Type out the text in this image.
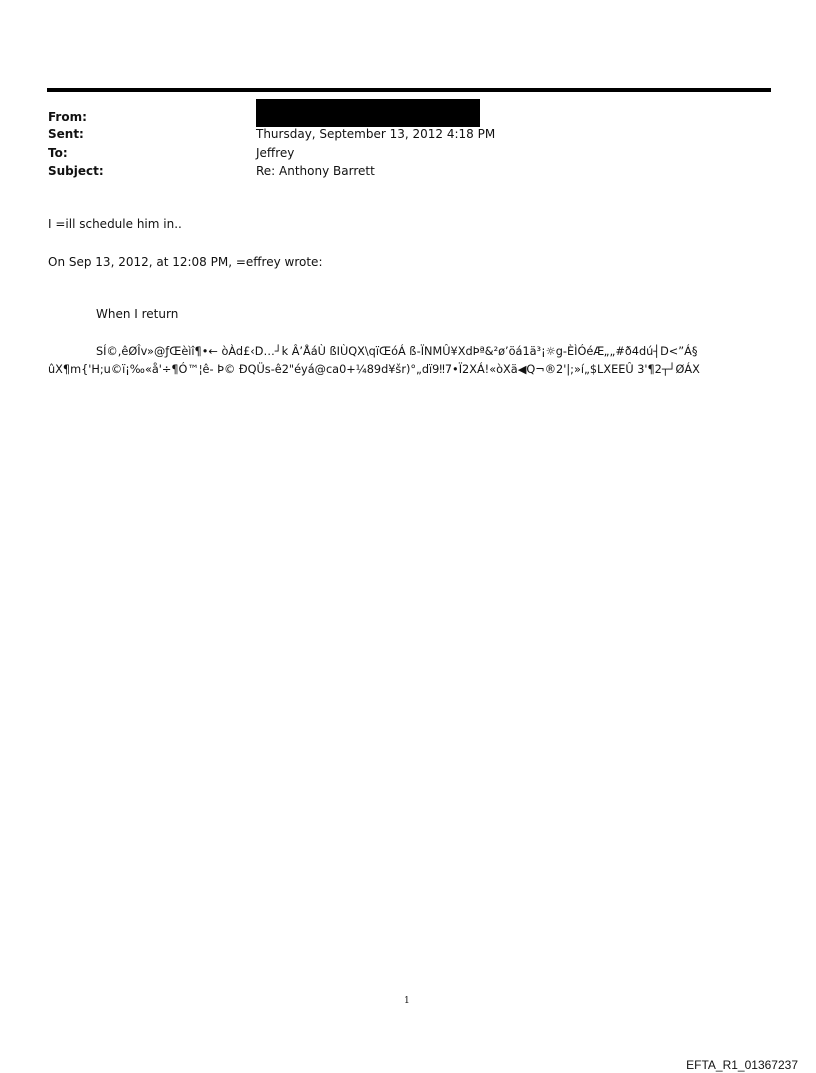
From:
Sent:	Thursday, September 13, 2012 4:18 PM
To:	Jeffrey
Subject:	Re: Anthony Barrett
I =ill schedule him in..
On Sep 13, 2012, at 12:08 PM, =effrey wrote:
When I return
SÍ©,êØÎv»@ƒŒèìî¶•← òÀd£‹D…┘k Â’ÅáÙ ßIÙQX\qïŒóÁ ß-ÏNMÛ¥XdÞª&²ø’öá1ä³¡☼g-ÈÌÓéÆ„„#ð4dú┤D<”Á§
ûX¶m{'H;u©ï¡‰«å'÷¶Ó™¦ê- Þ© ÐQÜs-ê2"éyá@ca0+¼89d¥šr)°„dï9‼7•Ï2XÁ!«òXä◀Q¬®2'|;»í„$LXEEÛ 3'¶2┬┘ØÁX
1
EFTA_R1_01367237
